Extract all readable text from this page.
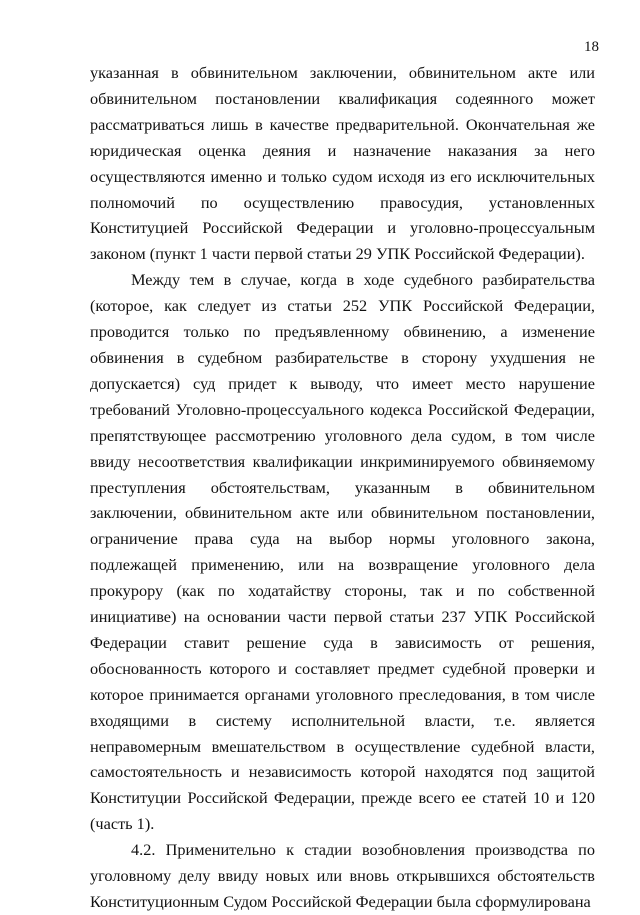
18

указанная в обвинительном заключении, обвинительном акте или обвинительном постановлении квалификация содеянного может рассматриваться лишь в качестве предварительной. Окончательная же юридическая оценка деяния и назначение наказания за него осуществляются именно и только судом исходя из его исключительных полномочий по осуществлению правосудия, установленных Конституцией Российской Федерации и уголовно-процессуальным законом (пункт 1 части первой статьи 29 УПК Российской Федерации).

Между тем в случае, когда в ходе судебного разбирательства (которое, как следует из статьи 252 УПК Российской Федерации, проводится только по предъявленному обвинению, а изменение обвинения в судебном разбирательстве в сторону ухудшения не допускается) суд придет к выводу, что имеет место нарушение требований Уголовно-процессуального кодекса Российской Федерации, препятствующее рассмотрению уголовного дела судом, в том числе ввиду несоответствия квалификации инкриминируемого обвиняемому преступления обстоятельствам, указанным в обвинительном заключении, обвинительном акте или обвинительном постановлении, ограничение права суда на выбор нормы уголовного закона, подлежащей применению, или на возвращение уголовного дела прокурору (как по ходатайству стороны, так и по собственной инициативе) на основании части первой статьи 237 УПК Российской Федерации ставит решение суда в зависимость от решения, обоснованность которого и составляет предмет судебной проверки и которое принимается органами уголовного преследования, в том числе входящими в систему исполнительной власти, т.е. является неправомерным вмешательством в осуществление судебной власти, самостоятельность и независимость которой находятся под защитой Конституции Российской Федерации, прежде всего ее статей 10 и 120 (часть 1).

4.2. Применительно к стадии возобновления производства по уголовному делу ввиду новых или вновь открывшихся обстоятельств Конституционным Судом Российской Федерации была сформулирована
